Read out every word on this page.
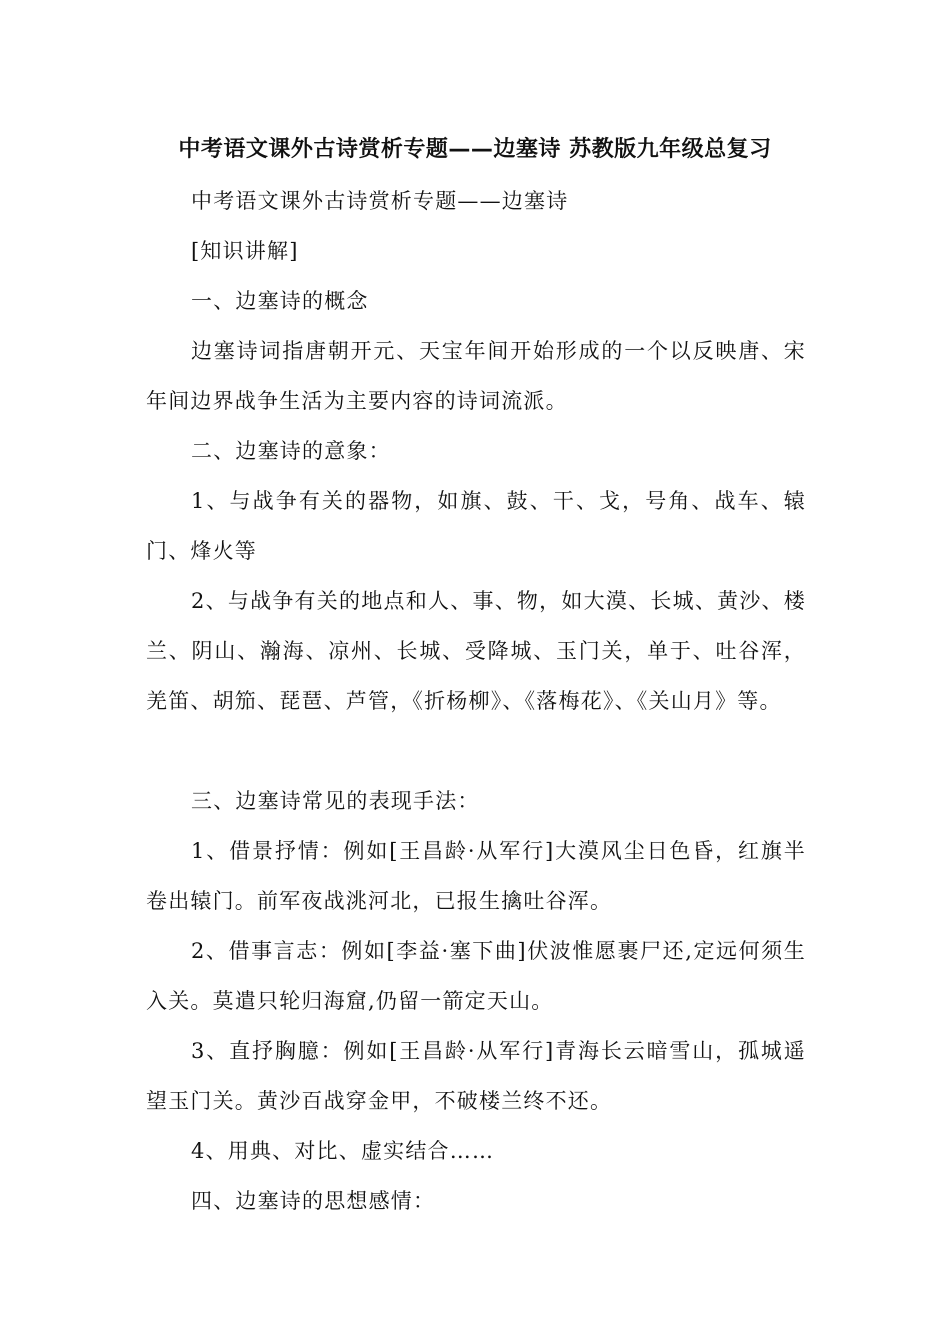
中考语文课外古诗赏析专题——边塞诗 苏教版九年级总复习
中考语文课外古诗赏析专题——边塞诗
[知识讲解]
一、边塞诗的概念
边塞诗词指唐朝开元、天宝年间开始形成的一个以反映唐、宋年间边界战争生活为主要内容的诗词流派。
二、边塞诗的意象：
1、与战争有关的器物，如旗、鼓、干、戈，号角、战车、辕门、烽火等
2、与战争有关的地点和人、事、物，如大漠、长城、黄沙、楼兰、阴山、瀚海、凉州、长城、受降城、玉门关，单于、吐谷浑，羌笛、胡笳、琵琶、芦管，《折杨柳》、《落梅花》、《关山月》等。
三、边塞诗常见的表现手法：
1、借景抒情：例如[王昌龄·从军行]大漠风尘日色昏，红旗半卷出辕门。前军夜战洮河北，已报生擒吐谷浑。
2、借事言志：例如[李益·塞下曲]伏波惟愿裹尸还,定远何须生入关。莫遣只轮归海窟,仍留一箭定天山。
3、直抒胸臆：例如[王昌龄·从军行]青海长云暗雪山，孤城遥望玉门关。黄沙百战穿金甲，不破楼兰终不还。
4、用典、对比、虚实结合……
四、边塞诗的思想感情：
